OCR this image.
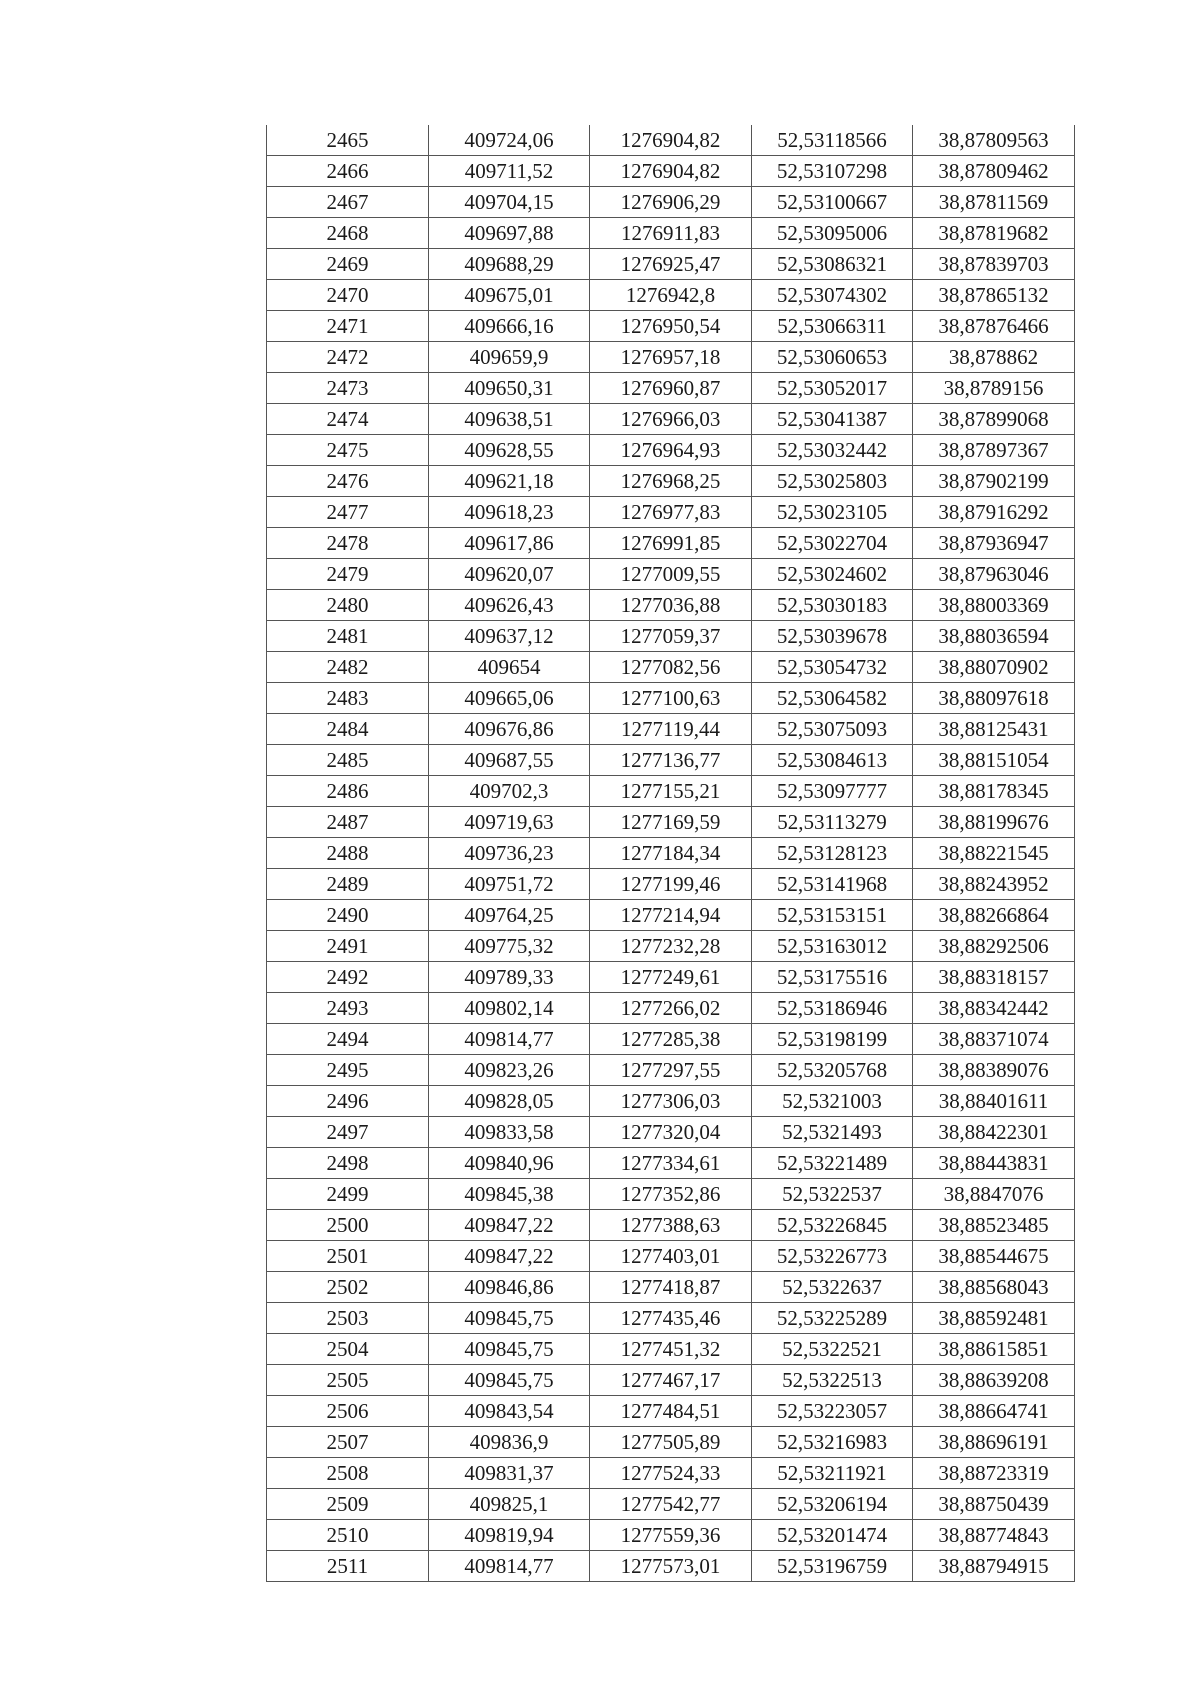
2465	409724,06	1276904,82	52,53118566	38,87809563
2466	409711,52	1276904,82	52,53107298	38,87809462
2467	409704,15	1276906,29	52,53100667	38,87811569
2468	409697,88	1276911,83	52,53095006	38,87819682
2469	409688,29	1276925,47	52,53086321	38,87839703
2470	409675,01	1276942,8	52,53074302	38,87865132
2471	409666,16	1276950,54	52,53066311	38,87876466
2472	409659,9	1276957,18	52,53060653	38,878862
2473	409650,31	1276960,87	52,53052017	38,8789156
2474	409638,51	1276966,03	52,53041387	38,87899068
2475	409628,55	1276964,93	52,53032442	38,87897367
2476	409621,18	1276968,25	52,53025803	38,87902199
2477	409618,23	1276977,83	52,53023105	38,87916292
2478	409617,86	1276991,85	52,53022704	38,87936947
2479	409620,07	1277009,55	52,53024602	38,87963046
2480	409626,43	1277036,88	52,53030183	38,88003369
2481	409637,12	1277059,37	52,53039678	38,88036594
2482	409654	1277082,56	52,53054732	38,88070902
2483	409665,06	1277100,63	52,53064582	38,88097618
2484	409676,86	1277119,44	52,53075093	38,88125431
2485	409687,55	1277136,77	52,53084613	38,88151054
2486	409702,3	1277155,21	52,53097777	38,88178345
2487	409719,63	1277169,59	52,53113279	38,88199676
2488	409736,23	1277184,34	52,53128123	38,88221545
2489	409751,72	1277199,46	52,53141968	38,88243952
2490	409764,25	1277214,94	52,53153151	38,88266864
2491	409775,32	1277232,28	52,53163012	38,88292506
2492	409789,33	1277249,61	52,53175516	38,88318157
2493	409802,14	1277266,02	52,53186946	38,88342442
2494	409814,77	1277285,38	52,53198199	38,88371074
2495	409823,26	1277297,55	52,53205768	38,88389076
2496	409828,05	1277306,03	52,5321003	38,88401611
2497	409833,58	1277320,04	52,5321493	38,88422301
2498	409840,96	1277334,61	52,53221489	38,88443831
2499	409845,38	1277352,86	52,5322537	38,8847076
2500	409847,22	1277388,63	52,53226845	38,88523485
2501	409847,22	1277403,01	52,53226773	38,88544675
2502	409846,86	1277418,87	52,5322637	38,88568043
2503	409845,75	1277435,46	52,53225289	38,88592481
2504	409845,75	1277451,32	52,5322521	38,88615851
2505	409845,75	1277467,17	52,5322513	38,88639208
2506	409843,54	1277484,51	52,53223057	38,88664741
2507	409836,9	1277505,89	52,53216983	38,88696191
2508	409831,37	1277524,33	52,53211921	38,88723319
2509	409825,1	1277542,77	52,53206194	38,88750439
2510	409819,94	1277559,36	52,53201474	38,88774843
2511	409814,77	1277573,01	52,53196759	38,88794915
